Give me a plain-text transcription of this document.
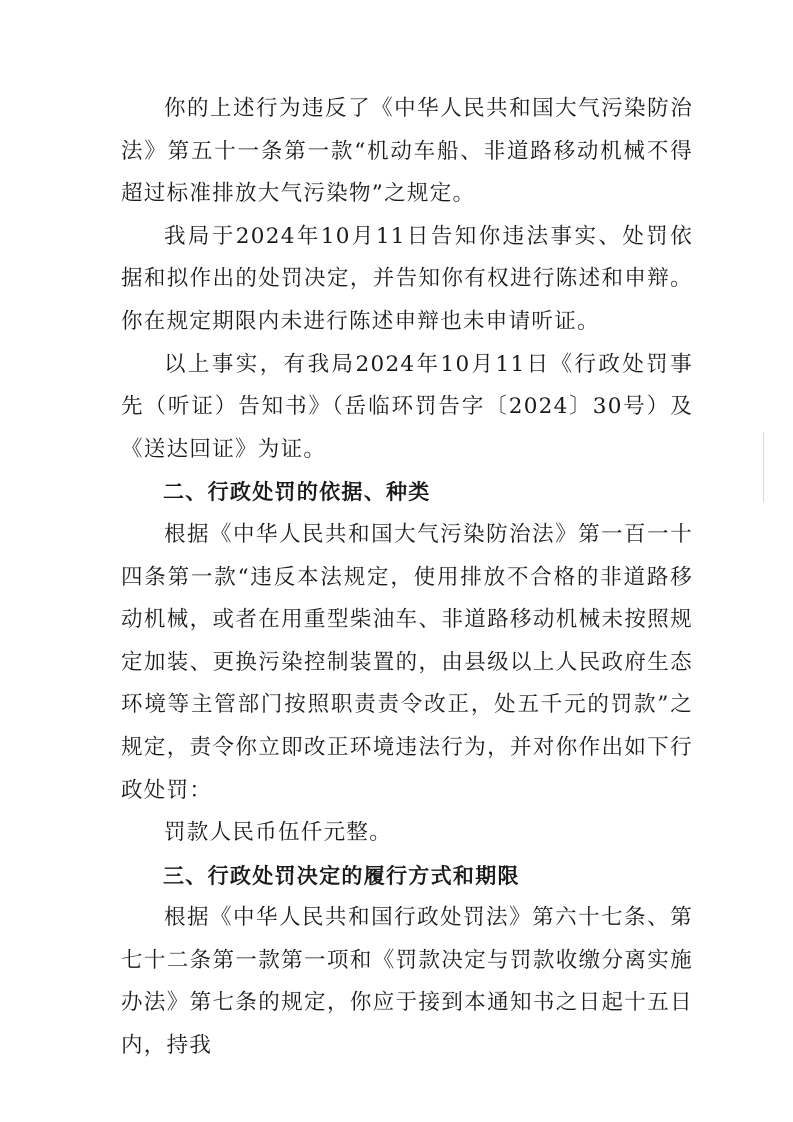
你的上述行为违反了《中华人民共和国大气污染防治法》第五十一条第一款“机动车船、非道路移动机械不得超过标准排放大气污染物”之规定。

我局于2024年10月11日告知你违法事实、处罚依据和拟作出的处罚决定，并告知你有权进行陈述和申辩。你在规定期限内未进行陈述申辩也未申请听证。

以上事实，有我局2024年10月11日《行政处罚事先（听证）告知书》（岳临环罚告字〔2024〕30号）及《送达回证》为证。

二、行政处罚的依据、种类

根据《中华人民共和国大气污染防治法》第一百一十四条第一款“违反本法规定，使用排放不合格的非道路移动机械，或者在用重型柴油车、非道路移动机械未按照规定加装、更换污染控制装置的，由县级以上人民政府生态环境等主管部门按照职责责令改正，处五千元的罚款”之规定，责令你立即改正环境违法行为，并对你作出如下行政处罚：

罚款人民币伍仟元整。

三、行政处罚决定的履行方式和期限

根据《中华人民共和国行政处罚法》第六十七条、第七十二条第一款第一项和《罚款决定与罚款收缴分离实施办法》第七条的规定，你应于接到本通知书之日起十五日内，持我
